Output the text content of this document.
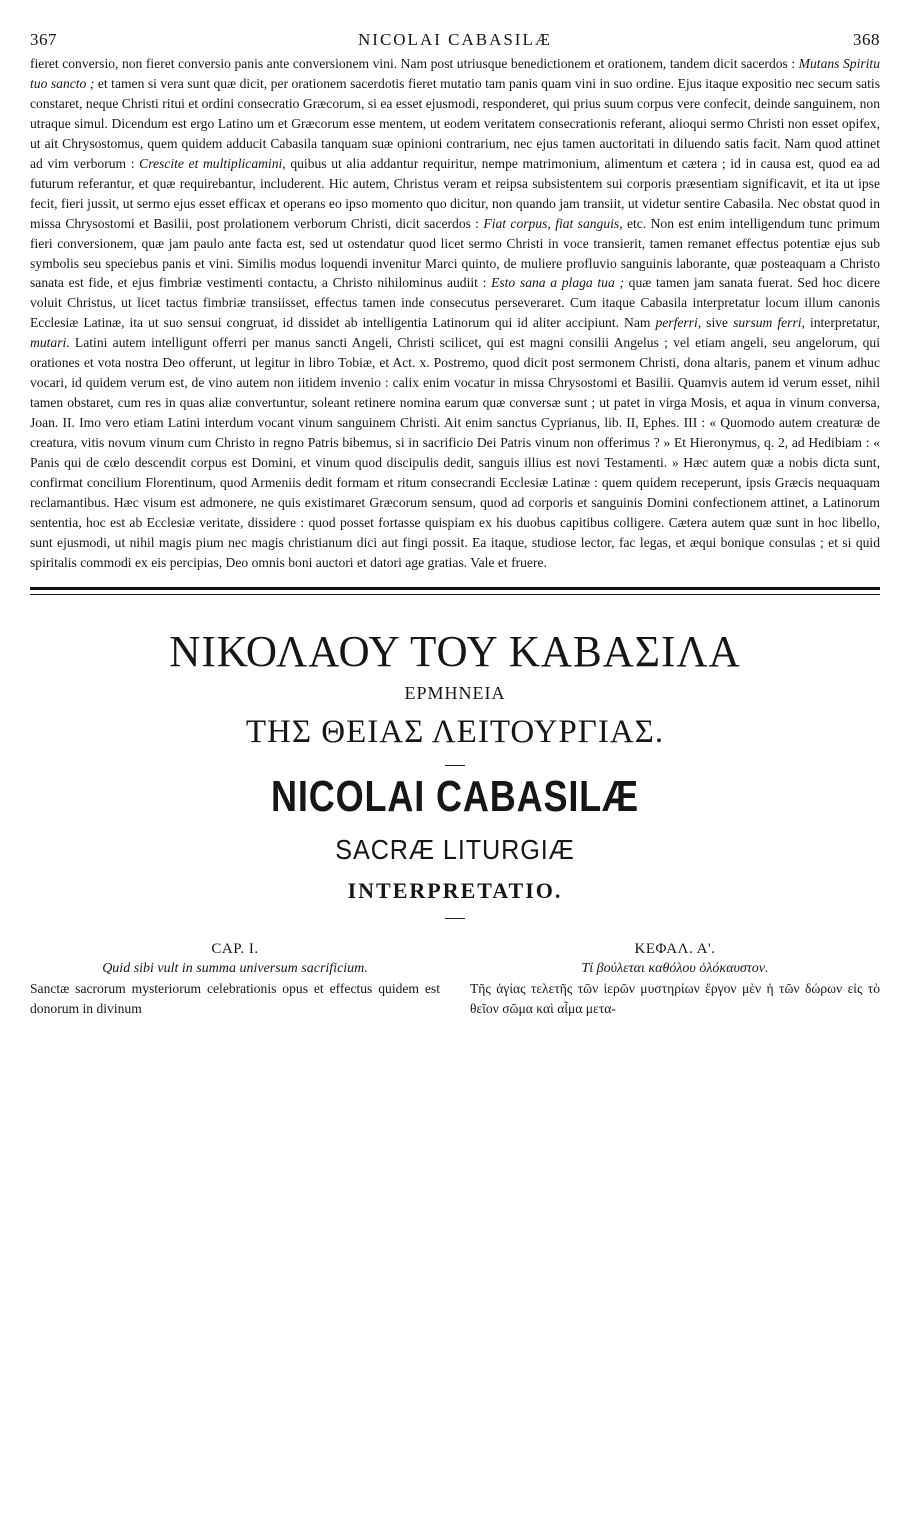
367	NICOLAI CABASILÆ	368
fieret conversio, non fieret conversio panis ante conversionem vini. Nam post utriusque benedictionem et orationem, tandem dicit sacerdos : Mutans Spiritu tuo sancto ; et tamen si vera sunt quæ dicit, per orationem sacerdotis fieret mutatio tam panis quam vini in suo ordine. Ejus itaque expositio nec secum satis constaret, neque Christi ritui et ordini consecratio Græcorum, si ea esset ejusmodi, responderet, qui prius suum corpus vere confecit, deinde sanguinem, non utraque simul. Dicendum est ergo Latino um et Græcorum esse mentem, ut eodem veritatem consecrationis referant, alioqui sermo Christi non esset opifex, ut ait Chrysostomus, quem quidem adducit Cabasila tanquam suæ opinioni contrarium, nec ejus tamen auctoritati in diluendo satis facit. Nam quod attinet ad vim verborum : Crescite et multiplicamini, quibus ut alia addantur requiritur, nempe matrimonium, alimentum et cætera ; id in causa est, quod ea ad futurum referantur, et quæ requirebantur, includerent. Hic autem, Christus veram et reipsa subsistentem sui corporis præsentiam significavit, et ita ut ipse fecit, fieri jussit, ut sermo ejus esset efficax et operans eo ipso momento quo dicitur, non quando jam transiit, ut videtur sentire Cabasila. Nec obstat quod in missa Chrysostomi et Basilii, post prolationem verborum Christi, dicit sacerdos : Fiat corpus, fiat sanguis, etc. Non est enim intelligendum tunc primum fieri conversionem, quæ jam paulo ante facta est, sed ut ostendatur quod licet sermo Christi in voce transierit, tamen remanet effectus potentiæ ejus sub symbolis seu speciebus panis et vini. Similis modus loquendi invenitur Marci quinto, de muliere profluvio sanguinis laborante, quæ posteaquam a Christo sanata est fide, et ejus fimbriæ vestimenti contactu, a Christo nihilominus audiit : Esto sana a plaga tua ; quæ tamen jam sanata fuerat. Sed hoc dicere voluit Christus, ut licet tactus fimbriæ transiisset, effectus tamen inde consecutus perseveraret. Cum itaque Cabasila interpretatur locum illum canonis Ecclesiæ Latinæ, ita ut suo sensui congruat, id dissidet ab intelligentia Latinorum qui id aliter accipiunt. Nam perferri, sive sursum ferri, interpretatur, mutari. Latini autem intelligunt offerri per manus sancti Angeli, Christi scilicet, qui est magni consilii Angelus ; vel etiam angeli, seu angelorum, qui orationes et vota nostra Deo offerunt, ut legitur in libro Tobiæ, et Act. x. Postremo, quod dicit post sermonem Christi, dona altaris, panem et vinum adhuc vocari, id quidem verum est, de vino autem non iitidem invenio : calix enim vocatur in missa Chrysostomi et Basilii. Quamvis autem id verum esset, nihil tamen obstaret, cum res in quas aliæ convertuntur, soleant retinere nomina earum quæ conversæ sunt ; ut patet in virga Mosis, et aqua in vinum conversa, Joan. II. Imo vero etiam Latini interdum vocant vinum sanguinem Christi. Ait enim sanctus Cyprianus, lib. II, Ephes. III : « Quomodo autem creaturæ de creatura, vitis novum vinum cum Christo in regno Patris bibemus, si in sacrificio Dei Patris vinum non offerimus ? » Et Hieronymus, q. 2, ad Hedibiam : « Panis qui de cœlo descendit corpus est Domini, et vinum quod discipulis dedit, sanguis illius est novi Testamenti. » Hæc autem quæ a nobis dicta sunt, confirmat concilium Florentinum, quod Armeniis dedit formam et ritum consecrandi Ecclesiæ Latinæ : quem quidem receperunt, ipsis Græcis nequaquam reclamantibus. Hæc visum est admonere, ne quis existimaret Græcorum sensum, quod ad corporis et sanguinis Domini confectionem attinet, a Latinorum sententia, hoc est ab Ecclesiæ veritate, dissidere : quod posset fortasse quispiam ex his duobus capitibus colligere. Cætera autem quæ sunt in hoc libello, sunt ejusmodi, ut nihil magis pium nec magis christianum dici aut fingi possit. Ea itaque, studiose lector, fac legas, et æqui bonique consulas ; et si quid spiritalis commodi ex eis percipias, Deo omnis boni auctori et datori age gratias. Vale et fruere.
ΝΙΚΟΛΑΟΥ ΤΟΥ ΚΑΒΑΣΙΛΑ
ΕΡΜΗΝΕΙΑ
ΤΗΣ ΘΕΙΑΣ ΛΕΙΤΟΥΡΓΙΑΣ.
NICOLAI CABASILÆ
SACRÆ LITURGIÆ
INTERPRETATIO.
CAP. I.
Quid sibi vult in summa universum sacrificium.
Sanctæ sacrorum mysteriorum celebrationis opus et effectus quidem est donorum in divinum
ΚΕΦΑΛ. Α'.
Τί βούλεται καθόλου ὁλόκαυστον.
Τῆς ἁγίας τελετῆς τῶν ἱερῶν μυστηρίων ἔργον μὲν ἡ τῶν δώρων εἰς τὸ θεῖον σῶμα καὶ αἷμα μετα-
